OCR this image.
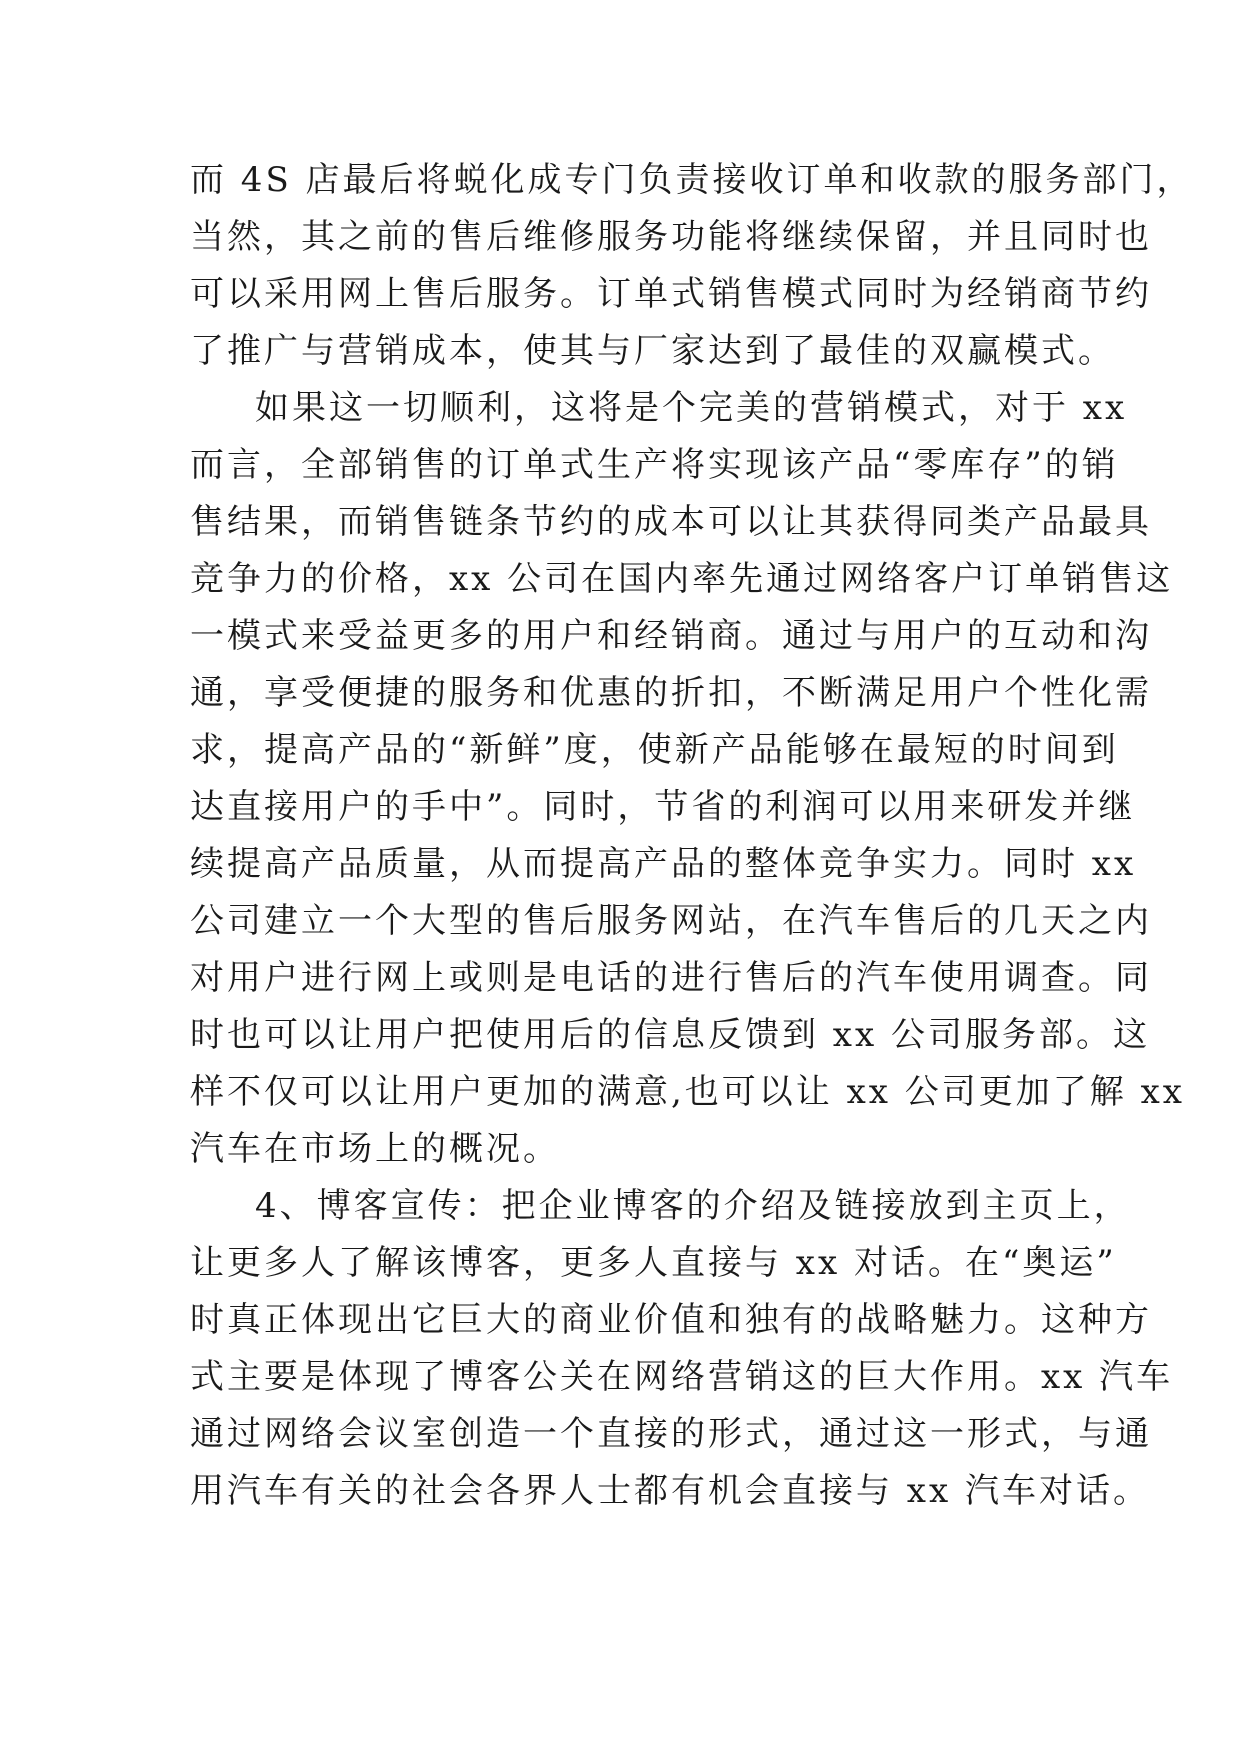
而 4S 店最后将蜕化成专门负责接收订单和收款的服务部门，
当然，其之前的售后维修服务功能将继续保留，并且同时也
可以采用网上售后服务。订单式销售模式同时为经销商节约
了推广与营销成本，使其与厂家达到了最佳的双赢模式。
如果这一切顺利，这将是个完美的营销模式，对于 xx
而言，全部销售的订单式生产将实现该产品“零库存”的销
售结果，而销售链条节约的成本可以让其获得同类产品最具
竞争力的价格，xx 公司在国内率先通过网络客户订单销售这
一模式来受益更多的用户和经销商。通过与用户的互动和沟
通，享受便捷的服务和优惠的折扣，不断满足用户个性化需
求，提高产品的“新鲜”度，使新产品能够在最短的时间到
达直接用户的手中”。同时，节省的利润可以用来研发并继
续提高产品质量，从而提高产品的整体竞争实力。同时 xx
公司建立一个大型的售后服务网站，在汽车售后的几天之内
对用户进行网上或则是电话的进行售后的汽车使用调查。同
时也可以让用户把使用后的信息反馈到 xx 公司服务部。这
样不仅可以让用户更加的满意,也可以让 xx 公司更加了解 xx
汽车在市场上的概况。
4、博客宣传：把企业博客的介绍及链接放到主页上，
让更多人了解该博客，更多人直接与 xx 对话。在“奥运”
时真正体现出它巨大的商业价值和独有的战略魅力。这种方
式主要是体现了博客公关在网络营销这的巨大作用。xx 汽车
通过网络会议室创造一个直接的形式，通过这一形式，与通
用汽车有关的社会各界人士都有机会直接与 xx 汽车对话。
